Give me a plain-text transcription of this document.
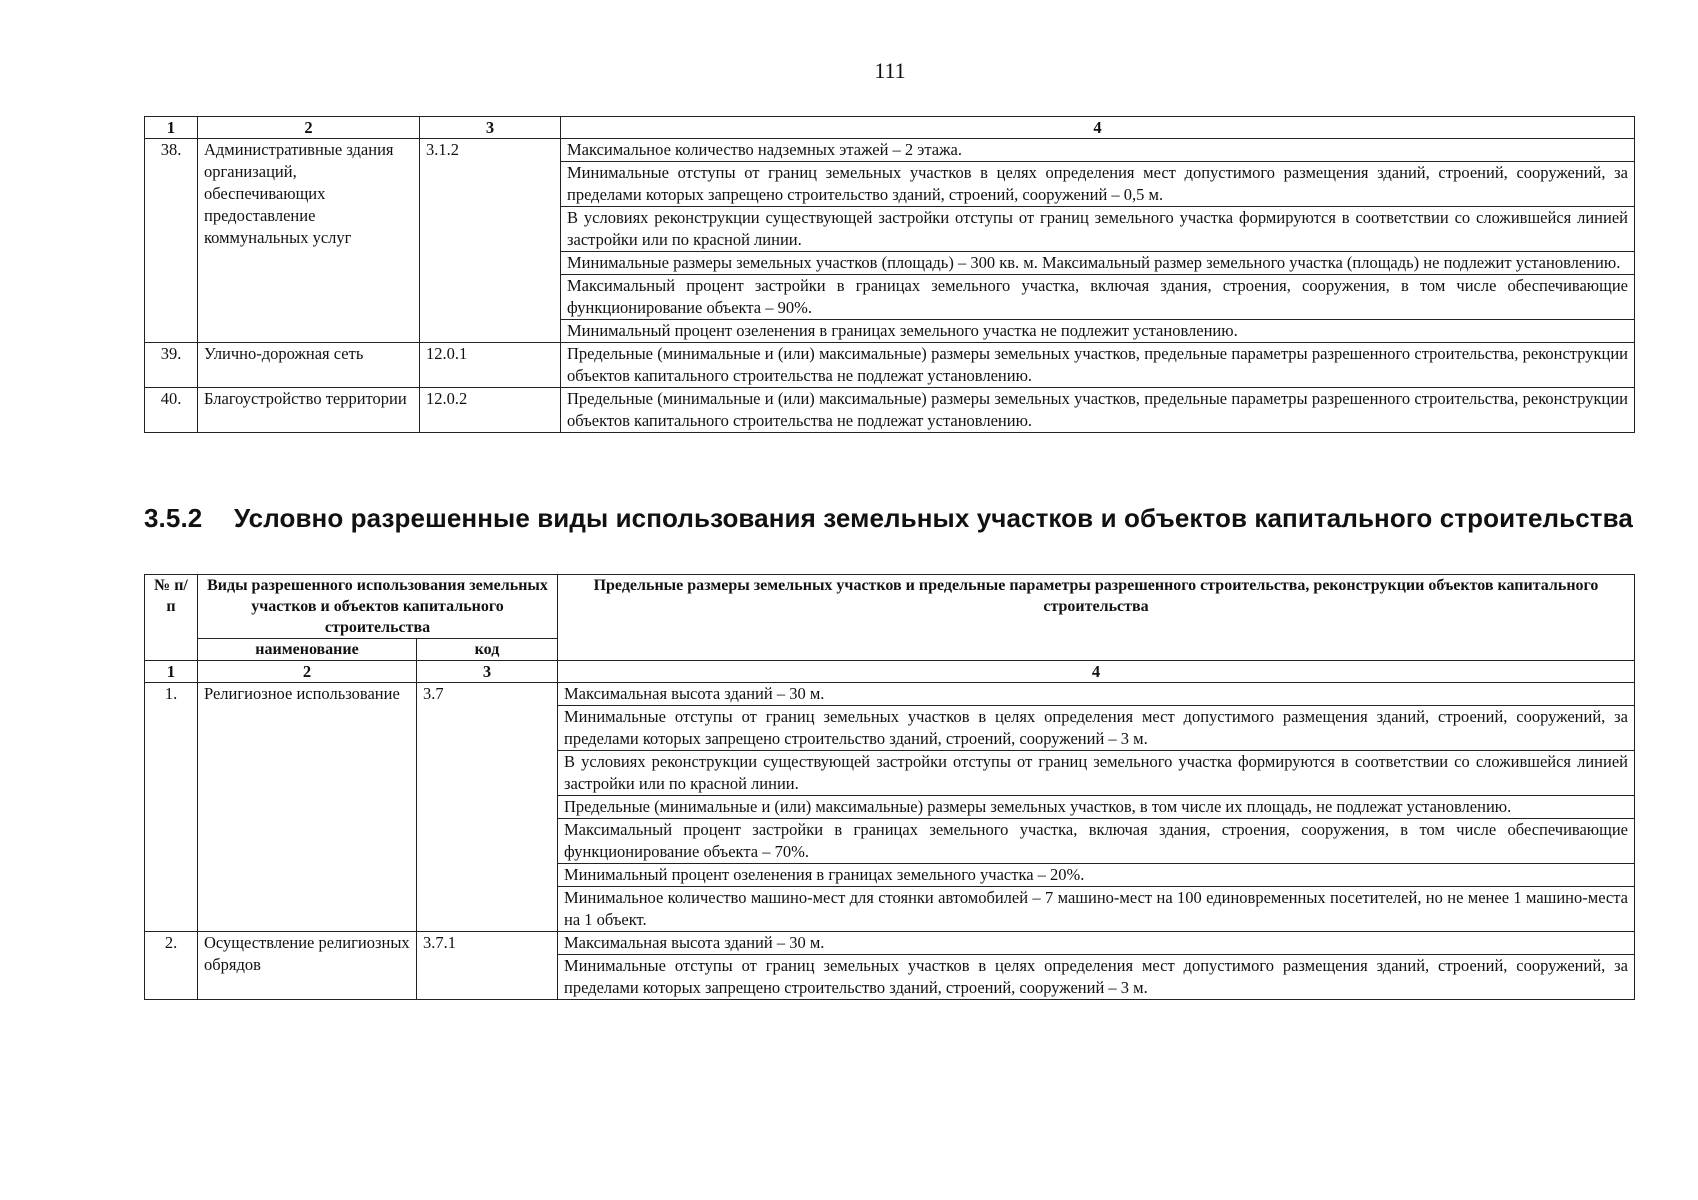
111
1	2	3	4
38.	Административные здания организаций, обеспечивающих предоставление коммунальных услуг	3.1.2	Максимальное количество надземных этажей – 2 этажа.
			Минимальные отступы от границ земельных участков в целях определения мест допустимого размещения зданий, строений, сооружений, за пределами которых запрещено строительство зданий, строений, сооружений – 0,5 м.
			В условиях реконструкции существующей застройки отступы от границ земельного участка формируются в соответствии со сложившейся линией застройки или по красной линии.
			Минимальные размеры земельных участков (площадь) – 300 кв. м. Максимальный размер земельного участка (площадь) не подлежит установлению.
			Максимальный процент застройки в границах земельного участка, включая здания, строения, сооружения, в том числе обеспечивающие функционирование объекта – 90%.
			Минимальный процент озеленения в границах земельного участка не подлежит установлению.
39.	Улично-дорожная сеть	12.0.1	Предельные (минимальные и (или) максимальные) размеры земельных участков, предельные параметры разрешенного строительства, реконструкции объектов капитального строительства не подлежат установлению.
40.	Благоустройство территории	12.0.2	Предельные (минимальные и (или) максимальные) размеры земельных участков, предельные параметры разрешенного строительства, реконструкции объектов капитального строительства не подлежат установлению.
3.5.2 Условно разрешенные виды использования земельных участков и объектов капитального строительства
№ п/п	Виды разрешенного использования земельных участков и объектов капитального строительства		Предельные размеры земельных участков и предельные параметры разрешенного строительства, реконструкции объектов капитального строительства
	наименование	код	
1	2	3	4
1.	Религиозное использование	3.7	Максимальная высота зданий – 30 м.
			Минимальные отступы от границ земельных участков в целях определения мест допустимого размещения зданий, строений, сооружений, за пределами которых запрещено строительство зданий, строений, сооружений – 3 м.
			В условиях реконструкции существующей застройки отступы от границ земельного участка формируются в соответствии со сложившейся линией застройки или по красной линии.
			Предельные (минимальные и (или) максимальные) размеры земельных участков, в том числе их площадь, не подлежат установлению.
			Максимальный процент застройки в границах земельного участка, включая здания, строения, сооружения, в том числе обеспечивающие функционирование объекта – 70%.
			Минимальный процент озеленения в границах земельного участка – 20%.
			Минимальное количество машино-мест для стоянки автомобилей – 7 машино-мест на 100 единовременных посетителей, но не менее 1 машино-места на 1 объект.
2.	Осуществление религиозных обрядов	3.7.1	Максимальная высота зданий – 30 м.
			Минимальные отступы от границ земельных участков в целях определения мест допустимого размещения зданий, строений, сооружений, за пределами которых запрещено строительство зданий, строений, сооружений – 3 м.
